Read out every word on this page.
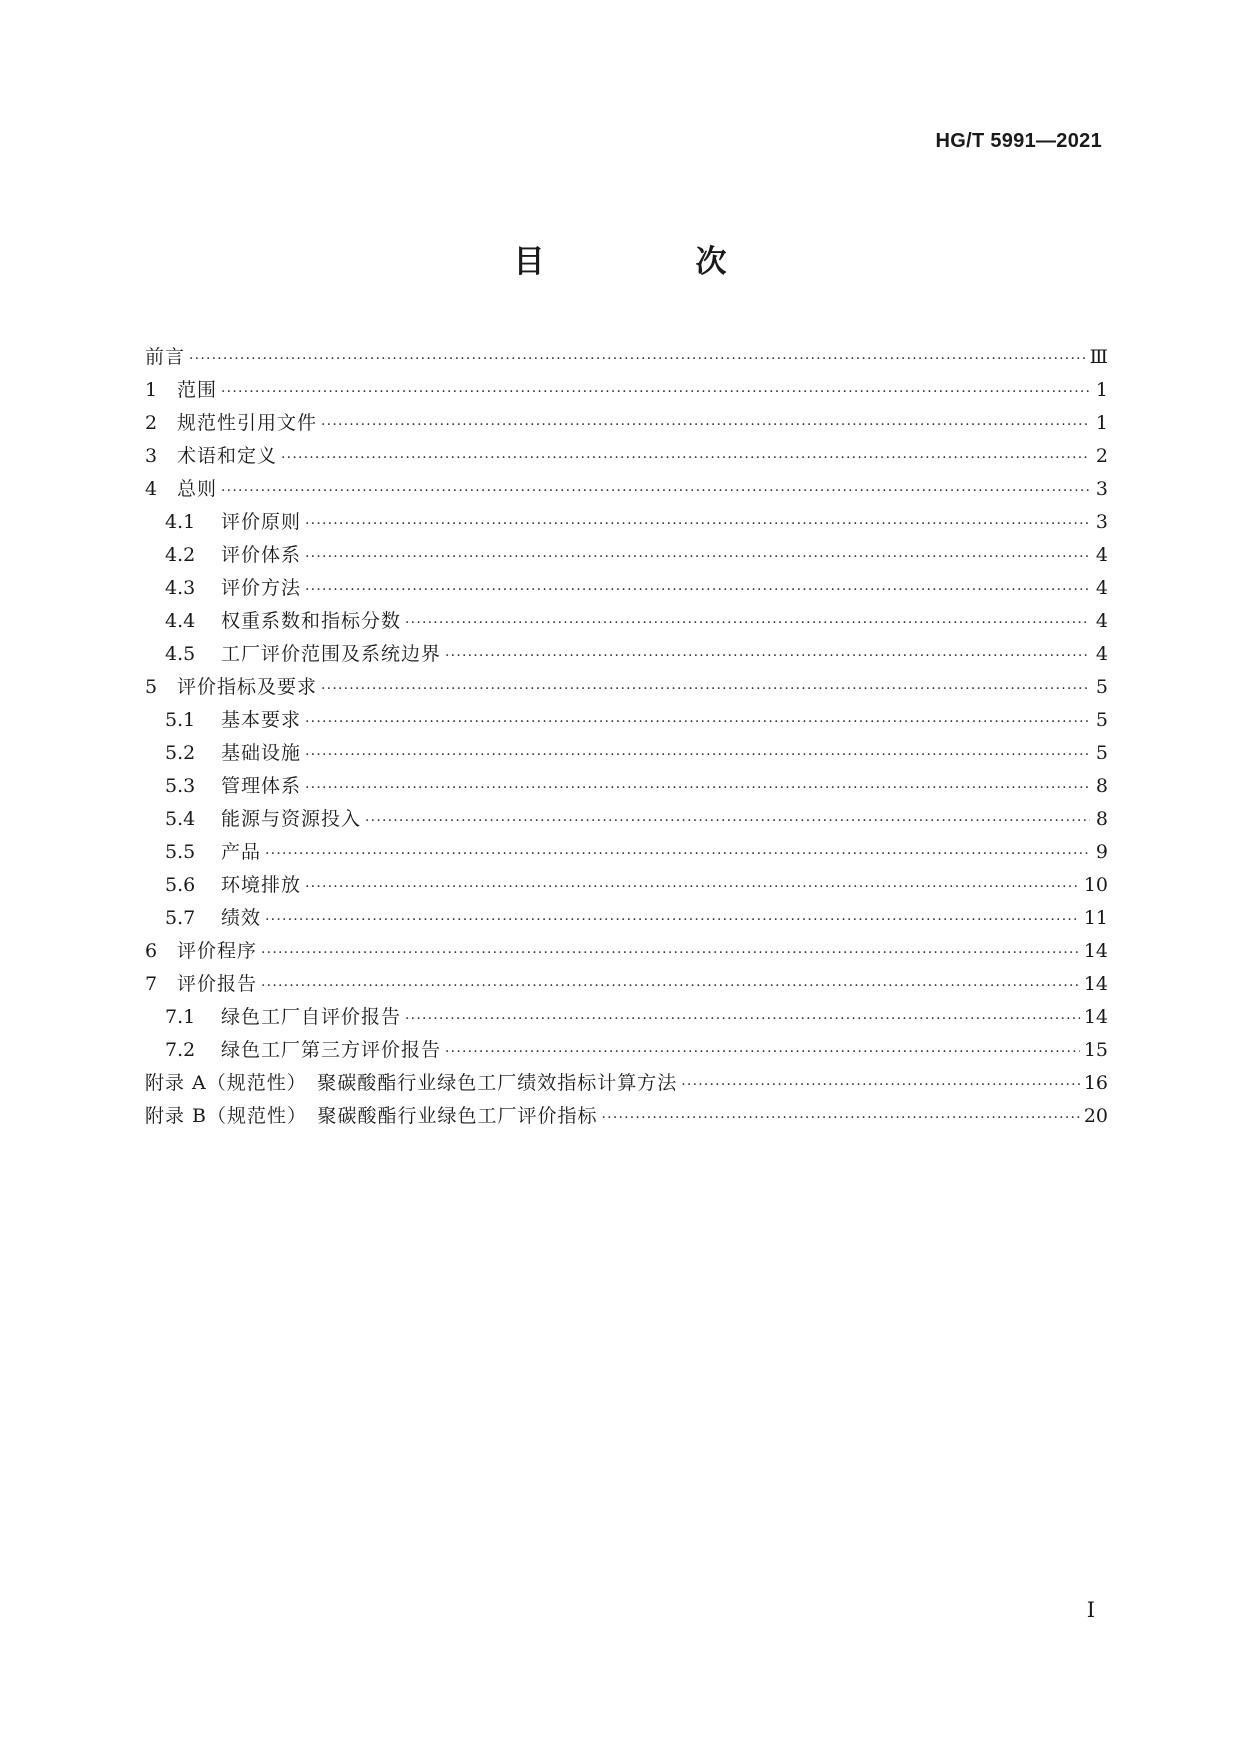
HG/T 5991—2021
目　次
前言 ·····	Ⅲ
1	范围 ·····	1
2	规范性引用文件 ·····	1
3	术语和定义 ·····	2
4	总则 ·····	3
4.1	评价原则 ·····	3
4.2	评价体系 ·····	4
4.3	评价方法 ·····	4
4.4	权重系数和指标分数 ·····	4
4.5	工厂评价范围及系统边界 ·····	4
5	评价指标及要求 ·····	5
5.1	基本要求 ·····	5
5.2	基础设施 ·····	5
5.3	管理体系 ·····	8
5.4	能源与资源投入 ·····	8
5.5	产品 ·····	9
5.6	环境排放 ·····	10
5.7	绩效 ·····	11
6	评价程序 ·····	14
7	评价报告 ·····	14
7.1	绿色工厂自评价报告 ·····	14
7.2	绿色工厂第三方评价报告 ·····	15
附录 A（规范性）　聚碳酸酯行业绿色工厂绩效指标计算方法 ·····	16
附录 B（规范性）　聚碳酸酯行业绿色工厂评价指标 ·····	20
I
